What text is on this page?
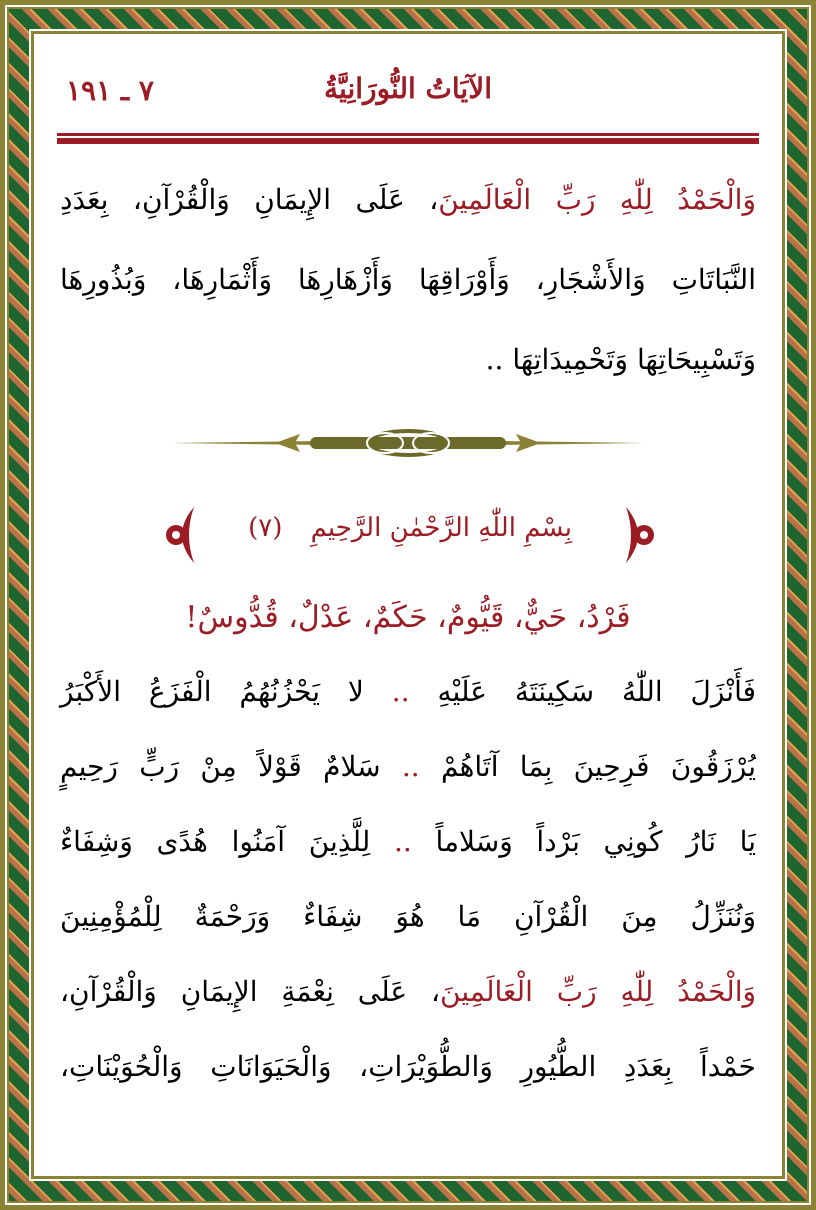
الآيَاتُ النُّورَانِيَّةُ
٧ ـ ١٩١
وَالْحَمْدُ لِلّٰهِ رَبِّ الْعَالَمِينَ، عَلَى الإِيمَانِ وَالْقُرْآنِ، بِعَدَدِ
النَّبَاتَاتِ وَالأَشْجَارِ، وَأَوْرَاقِهَا وَأَزْهَارِهَا وَأَثْمَارِهَا، وَبُذُورِهَا
وَتَسْبِيحَاتِهَا وَتَحْمِيدَاتِهَا ..
بِسْمِ اللّٰهِ الرَّحْمٰنِ الرَّحِيمِ (٧)
فَرْدُ، حَيٌّ، قَيُّومٌ، حَكَمٌ، عَدْلٌ، قُدُّوسٌ!
فَأَنْزَلَ اللّٰهُ سَكِينَتَهُ عَلَيْهِ .. لا يَحْزُنُهُمُ الْفَزَعُ الأَكْبَرُ
يُرْزَقُونَ فَرِحِينَ بِمَا آتَاهُمْ .. سَلامٌ قَوْلاً مِنْ رَبٍّ رَحِيمٍ
يَا نَارُ كُونِي بَرْداً وَسَلاماً .. لِلَّذِينَ آمَنُوا هُدًى وَشِفَاءٌ
وَنُنَزِّلُ مِنَ الْقُرْآنِ مَا هُوَ شِفَاءٌ وَرَحْمَةٌ لِلْمُؤْمِنِينَ
وَالْحَمْدُ لِلّٰهِ رَبِّ الْعَالَمِينَ، عَلَى نِعْمَةِ الإِيمَانِ وَالْقُرْآنِ،
حَمْداً بِعَدَدِ الطُّيُورِ وَالطُّوَيْرَاتِ، وَالْحَيَوَانَاتِ وَالْحُوَيْنَاتِ،
